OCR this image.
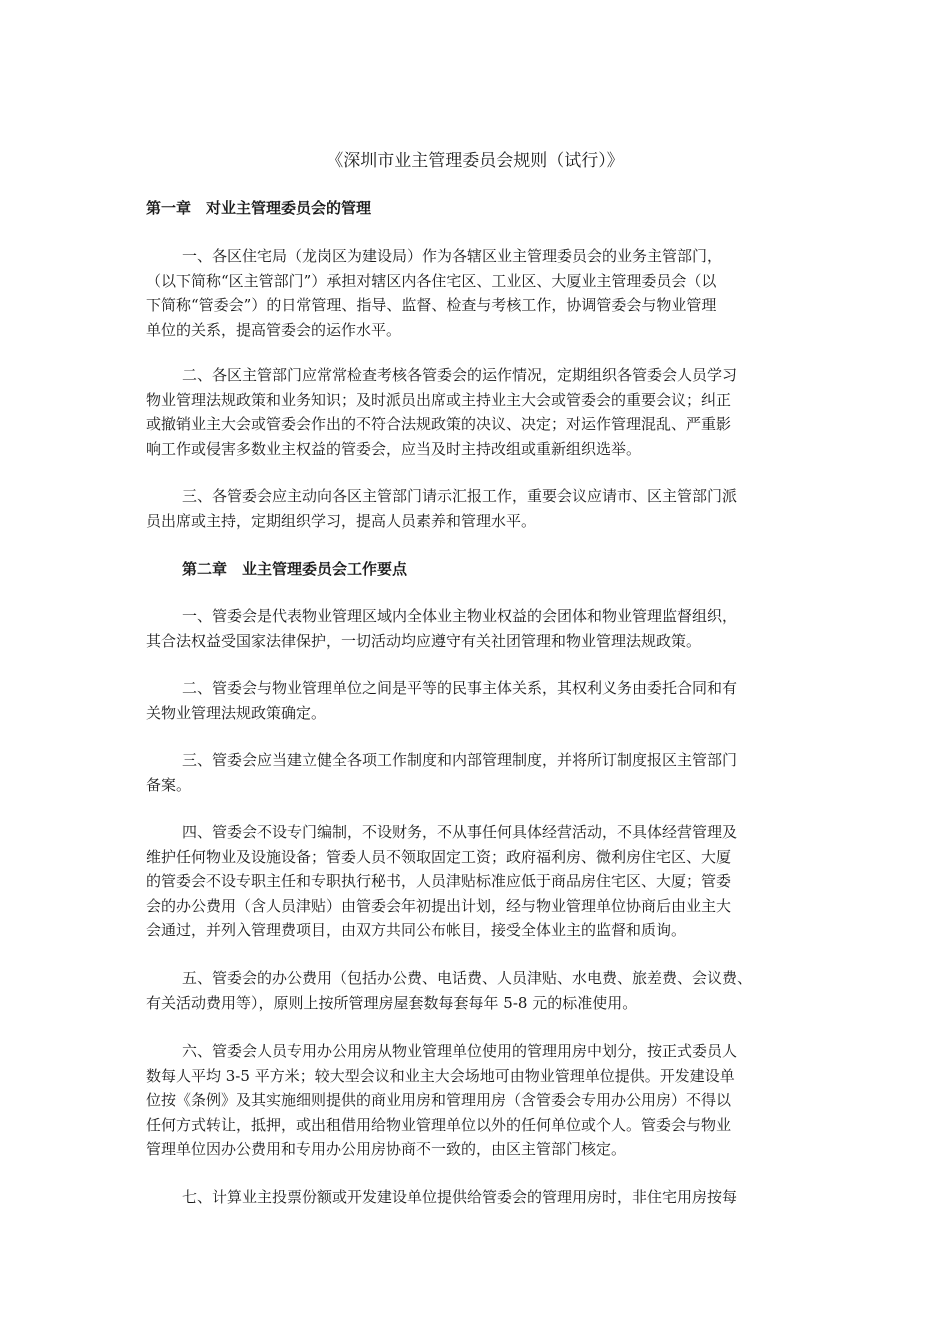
《深圳市业主管理委员会规则（试行）》
第一章　对业主管理委员会的管理

一、各区住宅局（龙岗区为建设局）作为各辖区业主管理委员会的业务主管部门，
（以下简称“区主管部门”）承担对辖区内各住宅区、工业区、大厦业主管理委员会（以
下简称“管委会”）的日常管理、指导、监督、检查与考核工作，协调管委会与物业管理
单位的关系，提高管委会的运作水平。

二、各区主管部门应常常检查考核各管委会的运作情况，定期组织各管委会人员学习
物业管理法规政策和业务知识；及时派员出席或主持业主大会或管委会的重要会议；纠正
或撤销业主大会或管委会作出的不符合法规政策的决议、决定；对运作管理混乱、严重影
响工作或侵害多数业主权益的管委会，应当及时主持改组或重新组织选举。

三、各管委会应主动向各区主管部门请示汇报工作，重要会议应请市、区主管部门派
员出席或主持，定期组织学习，提高人员素养和管理水平。

第二章　业主管理委员会工作要点

一、管委会是代表物业管理区域内全体业主物业权益的会团体和物业管理监督组织，
其合法权益受国家法律保护，一切活动均应遵守有关社团管理和物业管理法规政策。

二、管委会与物业管理单位之间是平等的民事主体关系，其权利义务由委托合同和有
关物业管理法规政策确定。

三、管委会应当建立健全各项工作制度和内部管理制度，并将所订制度报区主管部门
备案。

四、管委会不设专门编制，不设财务，不从事任何具体经营活动，不具体经营管理及
维护任何物业及设施设备；管委人员不领取固定工资；政府福利房、微利房住宅区、大厦
的管委会不设专职主任和专职执行秘书，人员津贴标准应低于商品房住宅区、大厦；管委
会的办公费用（含人员津贴）由管委会年初提出计划，经与物业管理单位协商后由业主大
会通过，并列入管理费项目，由双方共同公布帐目，接受全体业主的监督和质询。

五、管委会的办公费用（包括办公费、电话费、人员津贴、水电费、旅差费、会议费、
有关活动费用等），原则上按所管理房屋套数每套每年 5-8 元的标准使用。

六、管委会人员专用办公用房从物业管理单位使用的管理用房中划分，按正式委员人
数每人平均 3-5 平方米；较大型会议和业主大会场地可由物业管理单位提供。开发建设单
位按《条例》及其实施细则提供的商业用房和管理用房（含管委会专用办公用房）不得以
任何方式转让，抵押，或出租借用给物业管理单位以外的任何单位或个人。管委会与物业
管理单位因办公费用和专用办公用房协商不一致的，由区主管部门核定。

七、计算业主投票份额或开发建设单位提供给管委会的管理用房时，非住宅用房按每
